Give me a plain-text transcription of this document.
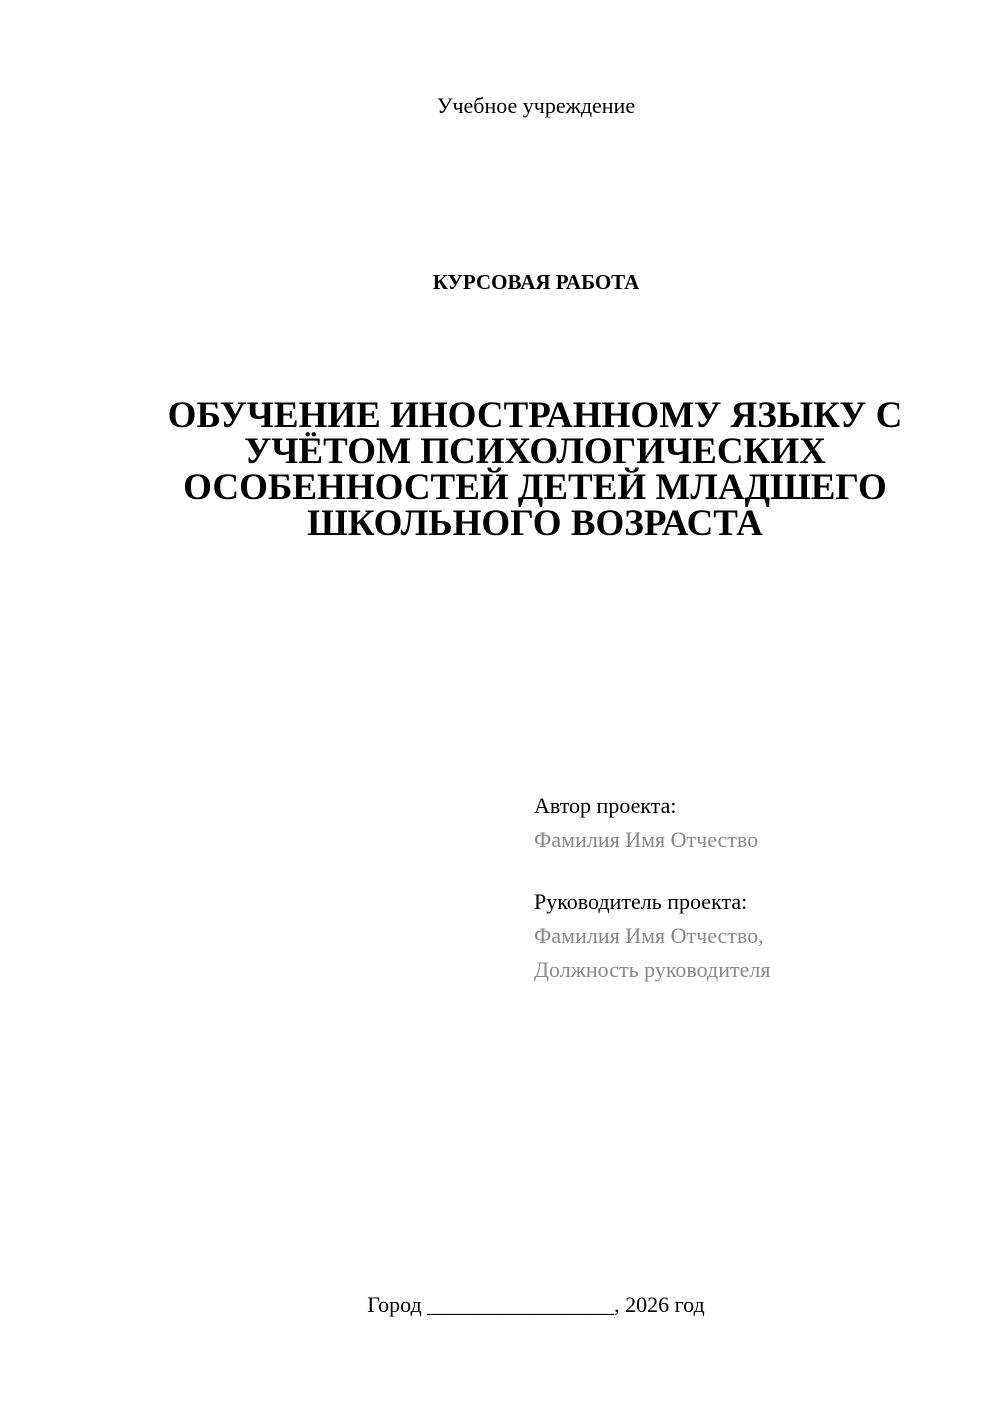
Учебное учреждение
КУРСОВАЯ РАБОТА
ОБУЧЕНИЕ ИНОСТРАННОМУ ЯЗЫКУ С
УЧЁТОМ ПСИХОЛОГИЧЕСКИХ
ОСОБЕННОСТЕЙ ДЕТЕЙ МЛАДШЕГО
ШКОЛЬНОГО ВОЗРАСТА
Автор проекта:
Фамилия Имя Отчество
Руководитель проекта:
Фамилия Имя Отчество,
Должность руководителя
Город _________________, 2026 год
